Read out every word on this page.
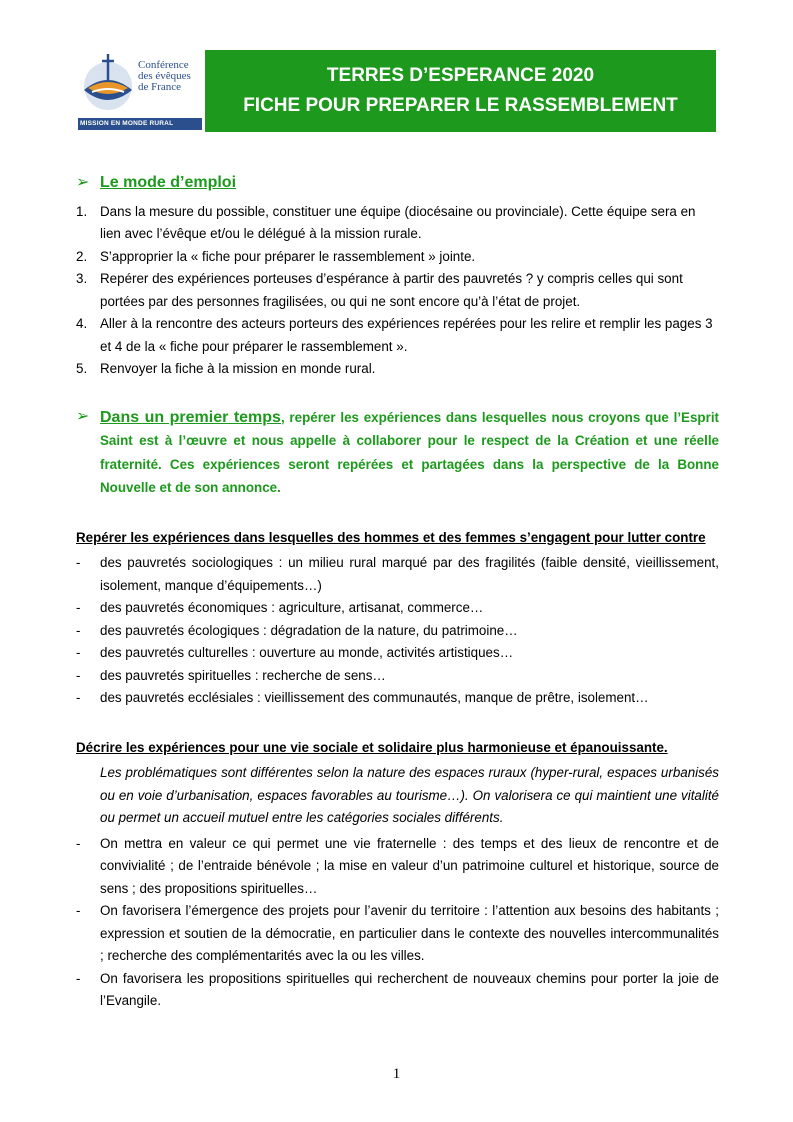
Conférence
des évêques
de France
MISSION EN MONDE RURAL
TERRES D’ESPERANCE 2020
FICHE POUR PREPARER LE RASSEMBLEMENT
➢ Le mode d’emploi
1. Dans la mesure du possible, constituer une équipe (diocésaine ou provinciale). Cette équipe sera en lien avec l’évêque et/ou le délégué à la mission rurale.
2. S’approprier la « fiche pour préparer le rassemblement » jointe.
3. Repérer des expériences porteuses d’espérance à partir des pauvretés ? y compris celles qui sont portées par des personnes fragilisées, ou qui ne sont encore qu’à l’état de projet.
4. Aller à la rencontre des acteurs porteurs des expériences repérées pour les relire et remplir les pages 3 et 4 de la « fiche pour préparer le rassemblement ».
5. Renvoyer la fiche à la mission en monde rural.
➢ Dans un premier temps, repérer les expériences dans lesquelles nous croyons que l’Esprit Saint est à l’œuvre et nous appelle à collaborer pour le respect de la Création et une réelle fraternité. Ces expériences seront repérées et partagées dans la perspective de la Bonne Nouvelle et de son annonce.
Repérer les expériences dans lesquelles des hommes et des femmes s’engagent pour lutter contre
-	des pauvretés sociologiques : un milieu rural marqué par des fragilités (faible densité, vieillissement, isolement, manque d’équipements…)
-	des pauvretés économiques : agriculture, artisanat, commerce…
-	des pauvretés écologiques : dégradation de la nature, du patrimoine…
-	des pauvretés culturelles : ouverture au monde, activités artistiques…
-	des pauvretés spirituelles : recherche de sens…
-	des pauvretés ecclésiales : vieillissement des communautés, manque de prêtre, isolement…
Décrire les expériences pour une vie sociale et solidaire plus harmonieuse et épanouissante.
Les problématiques sont différentes selon la nature des espaces ruraux (hyper-rural, espaces urbanisés ou en voie d’urbanisation, espaces favorables au tourisme…). On valorisera ce qui maintient une vitalité ou permet un accueil mutuel entre les catégories sociales différents.
-	On mettra en valeur ce qui permet une vie fraternelle : des temps et des lieux de rencontre et de convivialité ; de l’entraide bénévole ; la mise en valeur d’un patrimoine culturel et historique, source de sens ; des propositions spirituelles…
-	On favorisera l’émergence des projets pour l’avenir du territoire : l’attention aux besoins des habitants ; expression et soutien de la démocratie, en particulier dans le contexte des nouvelles intercommunalités ; recherche des complémentarités avec la ou les villes.
-	On favorisera les propositions spirituelles qui recherchent de nouveaux chemins pour porter la joie de l’Evangile.
1
